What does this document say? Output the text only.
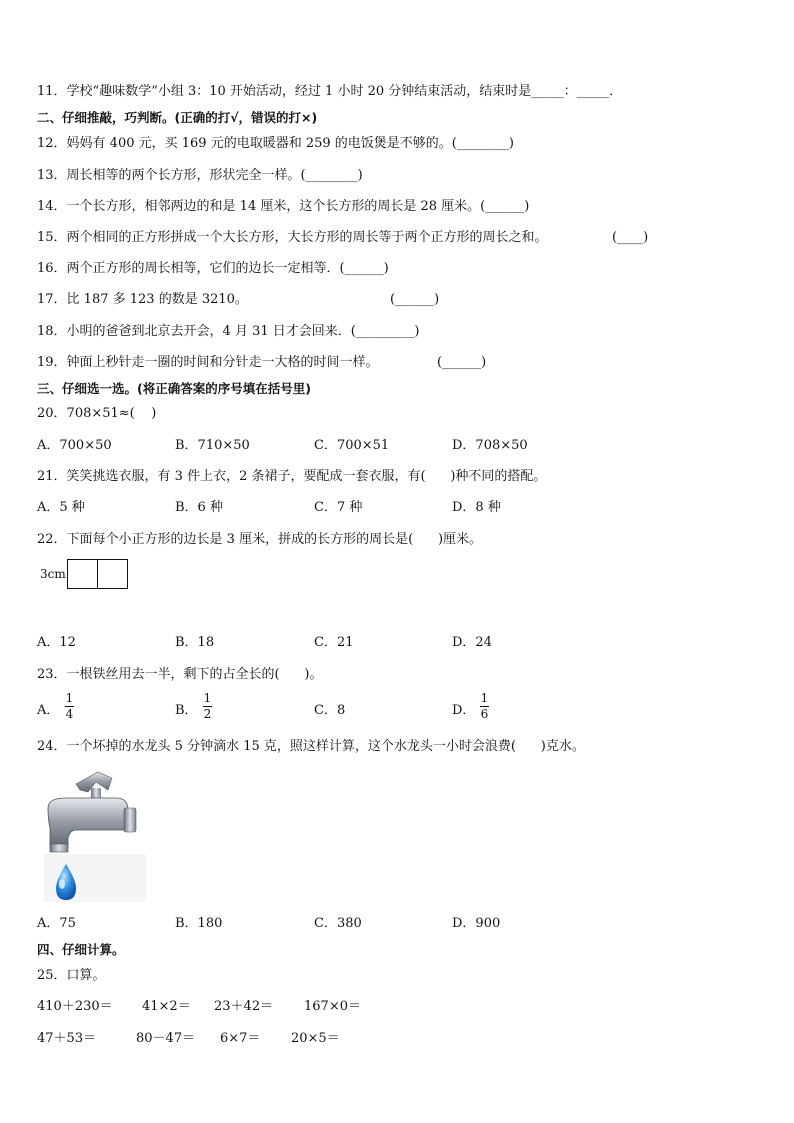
11．学校“趣味数学”小组 3：10 开始活动，经过 1 小时 20 分钟结束活动，结束时是_____：_____．
二、仔细推敲，巧判断。(正确的打√，错误的打×)
12．妈妈有 400 元，买 169 元的电取暖器和 259 的电饭煲是不够的。(________)
13．周长相等的两个长方形，形状完全一样。(________)
14．一个长方形，相邻两边的和是 14 厘米，这个长方形的周长是 28 厘米。(______)
15．两个相同的正方形拼成一个大长方形，大长方形的周长等于两个正方形的周长之和。	(____)
16．两个正方形的周长相等，它们的边长一定相等．(______)
17．比 187 多 123 的数是 3210。	(______)
18．小明的爸爸到北京去开会，4 月 31 日才会回来．(_________)
19．钟面上秒针走一圈的时间和分针走一大格的时间一样。	(______)
三、仔细选一选。(将正确答案的序号填在括号里)
20．708×51≈(    )
A．700×50	B．710×50	C．700×51	D．708×50
21．笑笑挑选衣服，有 3 件上衣，2 条裙子，要配成一套衣服，有(      )种不同的搭配。
A．5 种	B．6 种	C．7 种	D．8 种
22．下面每个小正方形的边长是 3 厘米，拼成的长方形的周长是(      )厘米。
3cm
A．12	B．18	C．21	D．24
23．一根铁丝用去一半，剩下的占全长的(      )。
A．
1
4	B．
1
2	C．8	D．
1
6
24．一个坏掉的水龙头 5 分钟滴水 15 克，照这样计算，这个水龙头一小时会浪费(      )克水。
A．75	B．180	C．380	D．900
四、仔细计算。
25．口算。
410＋230＝ 41×2＝ 23＋42＝ 167×0＝
47＋53＝	80－47＝ 6×7＝ 20×5＝
